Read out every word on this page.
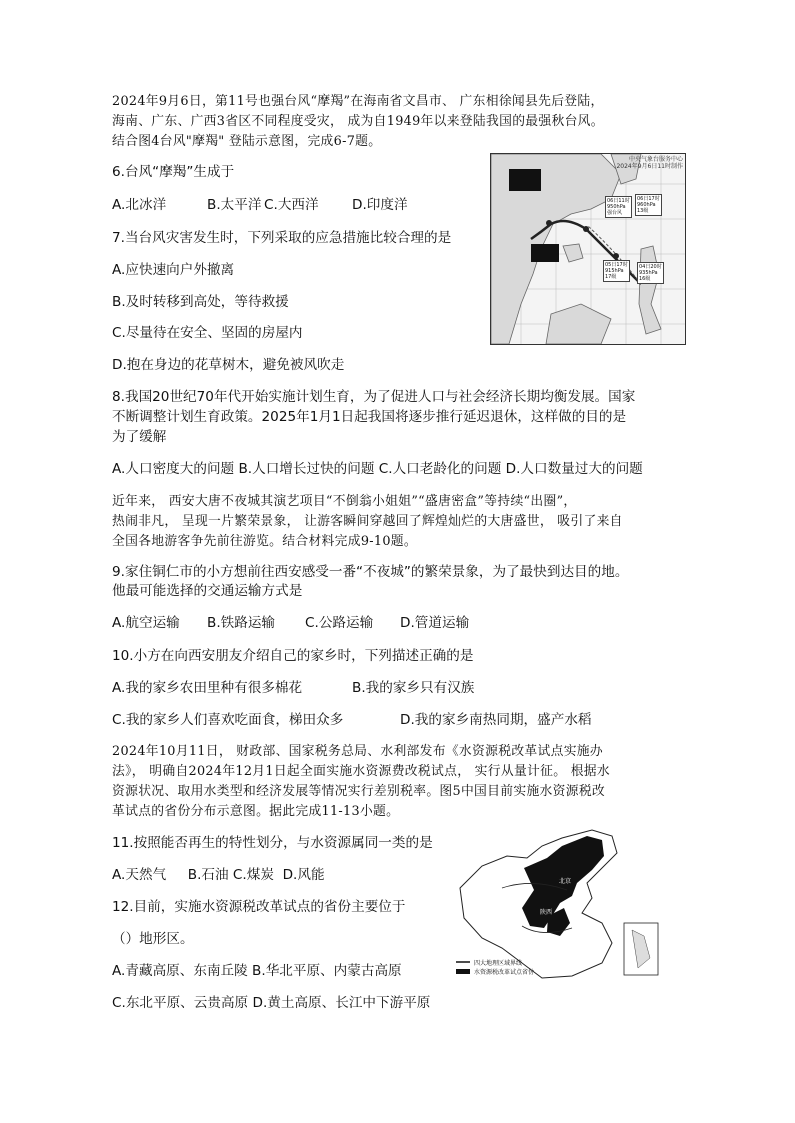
2024年9月6日，第11号也强台风“摩羯”在海南省文昌市、 广东相徐闻县先后登陆，
海南、广东、广西3省区不同程度受灾， 成为自1949年以来登陆我国的最强秋台风。
结合图4台风"摩羯" 登陆示意图，完成6-7题。
6.台风“摩羯”生成于
A.北冰洋	B.太平洋 C.大西洋 D.印度洋
7.当台风灾害发生时，下列采取的应急措施比较合理的是
A.应快速向户外撤离
B.及时转移到高处，等待救援
C.尽量待在安全、坚固的房屋内
D.抱在身边的花草树木，避免被风吹走
中央气象台服务中心
2024年9月6日11时制作
06日11时
950hPa
强台风
06日17时
960hPa
13级
05日17时
915hPa
17级
04日20时
935hPa
16级
8.我国20世纪70年代开始实施计划生育，为了促进人口与社会经济长期均衡发展。国家
不断调整计划生育政策。2025年1月1日起我国将逐步推行延迟退休，这样做的目的是
为了缓解
A.人口密度大的问题 B.人口增长过快的问题 C.人口老龄化的问题 D.人口数量过大的问题
近年来， 西安大唐不夜城其演艺项目“不倒翁小姐姐”“盛唐密盒”等持续“出圈”，
热闹非凡， 呈现一片繁荣景象， 让游客瞬间穿越回了辉煌灿烂的大唐盛世， 吸引了来自
全国各地游客争先前往游览。结合材料完成9-10题。
9.家住铜仁市的小方想前往西安感受一番“不夜城”的繁荣景象，为了最快到达目的地。
他最可能选择的交通运输方式是
A.航空运输 B.铁路运输 C.公路运输 D.管道运输
10.小方在向西安朋友介绍自己的家乡时，下列描述正确的是
A.我的家乡农田里种有很多棉花	B.我的家乡只有汉族
C.我的家乡人们喜欢吃面食，梯田众多	D.我的家乡南热同期，盛产水稻
2024年10月11日， 财政部、国家税务总局、水利部发布《水资源税改革试点实施办
法》， 明确自2024年12月1日起全面实施水资源费改税试点， 实行从量计征。 根据水
资源状况、取用水类型和经济发展等情况实行差别税率。图5中国目前实施水资源税改
革试点的省份分布示意图。据此完成11-13小题。
11.按照能否再生的特性划分，与水资源属同一类的是
A.天然气     B.石油 C.煤炭  D.风能
12.目前，实施水资源税改革试点的省份主要位于
（）地形区。
A.青藏高原、东南丘陵 B.华北平原、内蒙古高原
C.东北平原、云贵高原 D.黄土高原、长江中下游平原
北京
陕西
四大地理区域界线
水资源税改革试点省份
